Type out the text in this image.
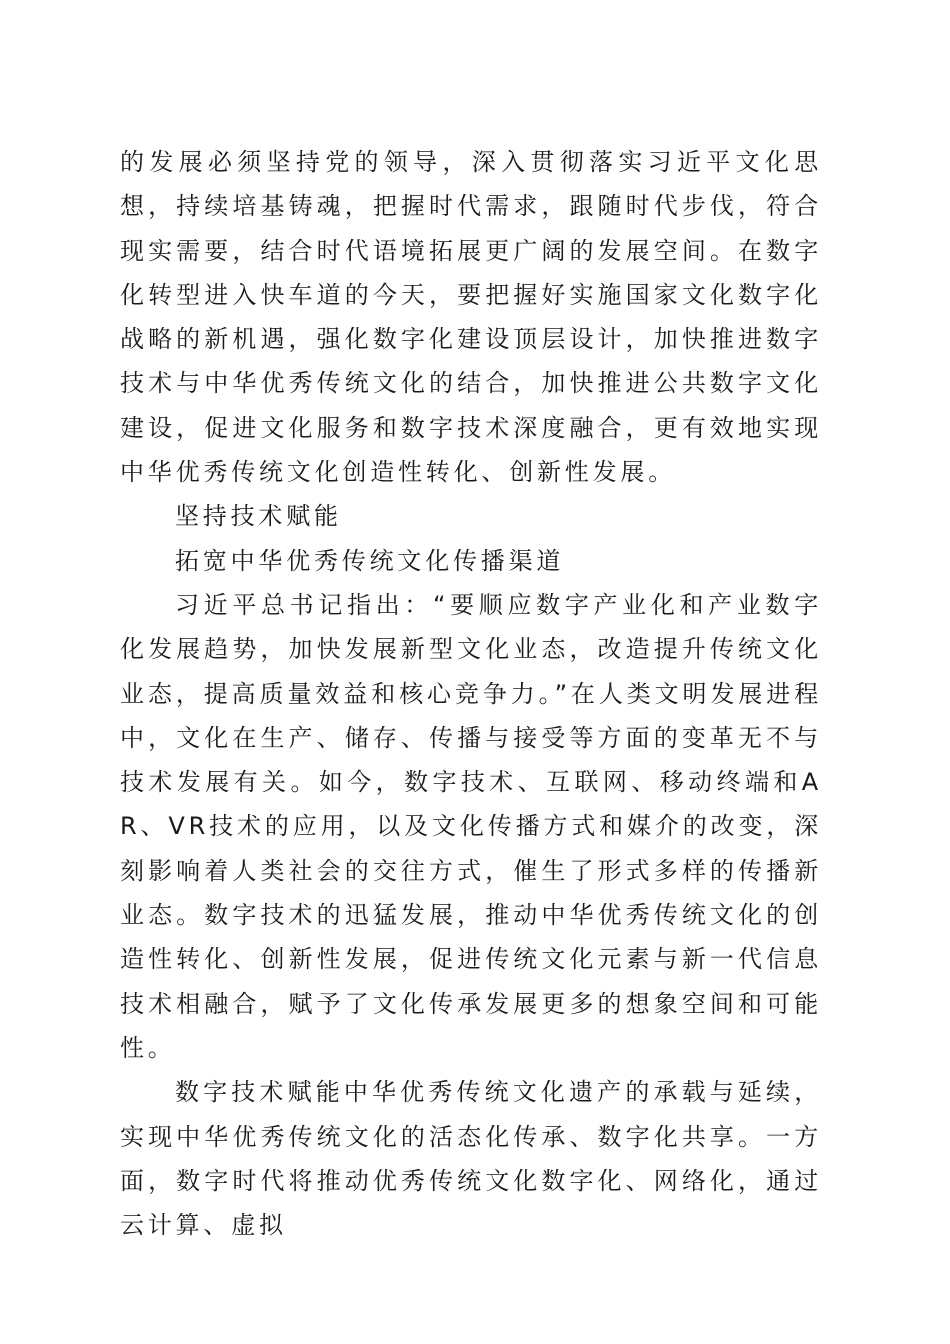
的发展必须坚持党的领导，深入贯彻落实习近平文化思想，持续培基铸魂，把握时代需求，跟随时代步伐，符合现实需要，结合时代语境拓展更广阔的发展空间。在数字化转型进入快车道的今天，要把握好实施国家文化数字化战略的新机遇，强化数字化建设顶层设计，加快推进数字技术与中华优秀传统文化的结合，加快推进公共数字文化建设，促进文化服务和数字技术深度融合，更有效地实现中华优秀传统文化创造性转化、创新性发展。

坚持技术赋能

拓宽中华优秀传统文化传播渠道

习近平总书记指出：“要顺应数字产业化和产业数字化发展趋势，加快发展新型文化业态，改造提升传统文化业态，提高质量效益和核心竞争力。”在人类文明发展进程中，文化在生产、储存、传播与接受等方面的变革无不与技术发展有关。如今，数字技术、互联网、移动终端和AR、VR技术的应用，以及文化传播方式和媒介的改变，深刻影响着人类社会的交往方式，催生了形式多样的传播新业态。数字技术的迅猛发展，推动中华优秀传统文化的创造性转化、创新性发展，促进传统文化元素与新一代信息技术相融合，赋予了文化传承发展更多的想象空间和可能性。

数字技术赋能中华优秀传统文化遗产的承载与延续，实现中华优秀传统文化的活态化传承、数字化共享。一方面，数字时代将推动优秀传统文化数字化、网络化，通过云计算、虚拟
